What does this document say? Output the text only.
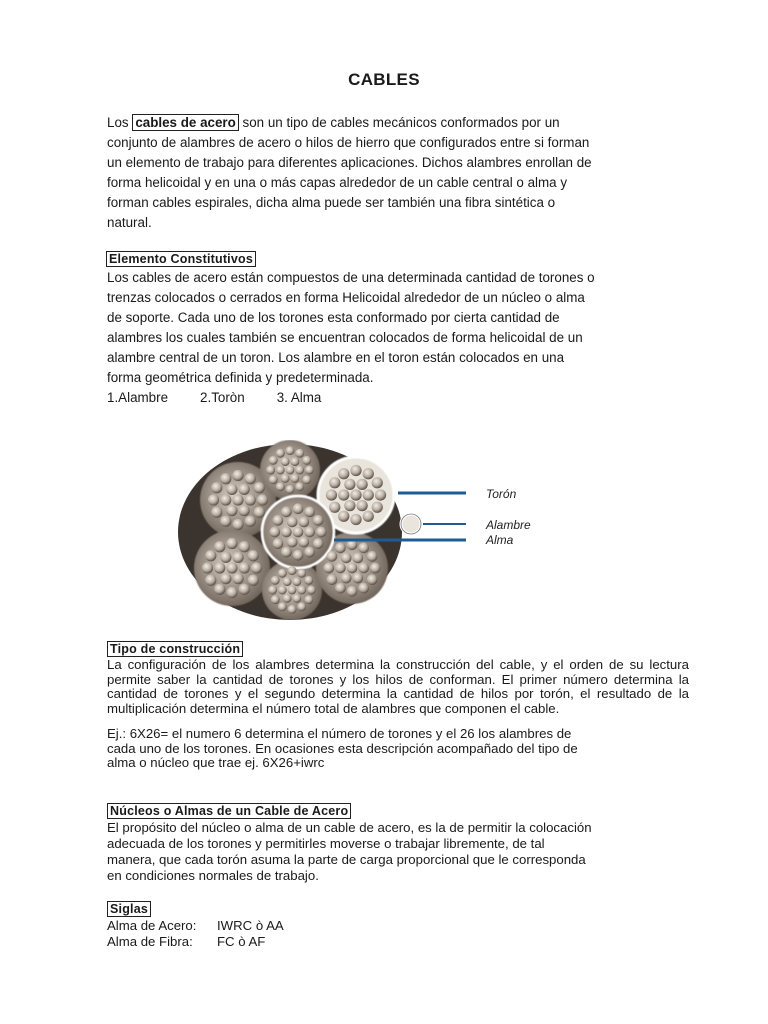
CABLES
Los cables de acero son un tipo de cables mecánicos conformados por un
conjunto de alambres de acero o hilos de hierro que configurados entre si forman
un elemento de trabajo para diferentes aplicaciones. Dichos alambres enrollan de
forma helicoidal y en una o más capas alrededor de un cable central o alma y
forman cables espirales, dicha alma puede ser también una fibra sintética o
natural.
Elemento Constitutivos

Los cables de acero están compuestos de una determinada cantidad de torones o

trenzas colocados o cerrados en forma Helicoidal alrededor de un núcleo o alma

de soporte. Cada uno de los torones esta conformado por cierta cantidad de

alambres los cuales también se encuentran colocados de forma helicoidal de un

alambre central de un toron. Los alambre en el toron están colocados en una

forma geométrica definida y predeterminada.

1.Alambre 2.Toròn 3. Alma

Torón
Alambre
Alma
Tipo de construcción

La configuración de los alambres determina la construcción del cable, y el orden de su lectura permite saber la cantidad de torones y los hilos de conforman. El primer número determina la cantidad de torones y el segundo determina la cantidad de hilos por torón, el resultado de la multiplicación determina el número total de alambres que componen el cable.

Ej.: 6X26= el numero 6 determina el número de torones y el 26 los alambres de

cada uno de los torones. En ocasiones esta descripción acompañado del tipo de

alma o núcleo que trae ej. 6X26+iwrc

Núcleos o Almas de un Cable de Acero

El propósito del núcleo o alma de un cable de acero, es la de permitir la colocación

adecuada de los torones y permitirles moverse o trabajar libremente, de tal

manera, que cada torón asuma la parte de carga proporcional que le corresponda

en condiciones normales de trabajo.

Siglas

Alma de Acero:	IWRC ò AA

Alma de Fibra:	FC ò AF
